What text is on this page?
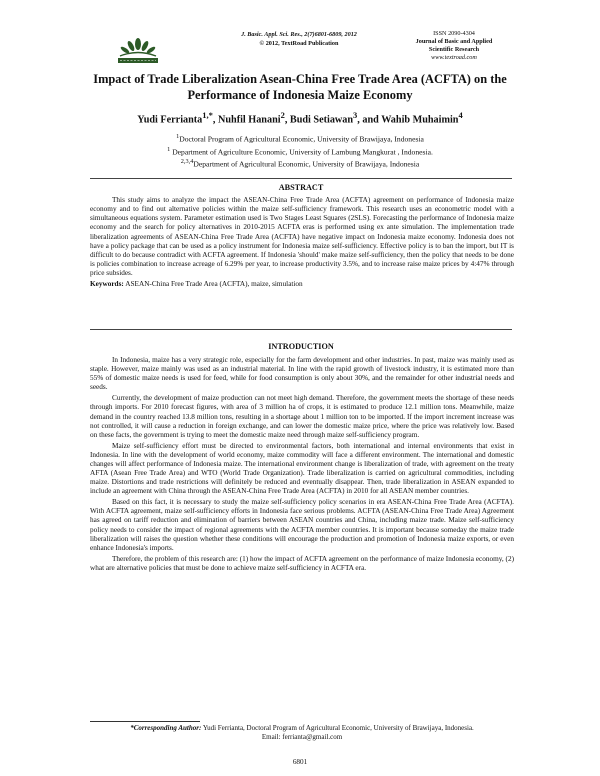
J. Basic. Appl. Sci. Res., 2(7)6801-6809, 2012
© 2012, TextRoad Publication
ISSN 2090-4304
Journal of Basic and Applied
Scientific Research
www.textroad.com
Impact of Trade Liberalization Asean-China Free Trade Area (ACFTA) on the Performance of Indonesia Maize Economy

Yudi Ferrianta$^{1,*}$, Nuhfil Hanani$^2$, Budi Setiawan$^3$, and Wahib Muhaimin$^4$

$^1$Doctoral Program of Agricultural Economic, University of Brawijaya, Indonesia
$^1$ Department of Agriculture Economic, University of Lambung Mangkurat , Indonesia.
$^{2,3,4}$Department of Agricultural Economic, University of Brawijaya, Indonesia
ABSTRACT

This study aims to analyze the impact the ASEAN-China Free Trade Area (ACFTA) agreement on performance of Indonesia maize economy and to find out alternative policies within the maize self-sufficiency framework. This research uses an econometric model with a simultaneous equations system. Parameter estimation used is Two Stages Least Squares (2SLS). Forecasting the performance of Indonesia maize economy and the search for policy alternatives in 2010-2015 ACFTA eras is performed using ex ante simulation. The implementation trade liberalization agreements of ASEAN-China Free Trade Area (ACFTA) have negative impact on Indonesia maize economy. Indonesia does not have a policy package that can be used as a policy instrument for Indonesia maize self-sufficiency. Effective policy is to ban the import, but IT is difficult to do because contradict with ACFTA agreement. If Indonesia 'should' make maize self-sufficiency, then the policy that needs to be done is policies combination to increase acreage of 6.29% per year, to increase productivity 3.5%, and to increase raise maize prices by 4:47% through price subsides.

Keywords: ASEAN-China Free Trade Area (ACFTA), maize, simulation

INTRODUCTION

In Indonesia, maize has a very strategic role, especially for the farm development and other industries. In past, maize was mainly used as staple. However, maize mainly was used as an industrial material. In line with the rapid growth of livestock industry, it is estimated more than 55% of domestic maize needs is used for feed, while for food consumption is only about 30%, and the remainder for other industrial needs and seeds.

Currently, the development of maize production can not meet high demand. Therefore, the government meets the shortage of these needs through imports. For 2010 forecast figures, with area of 3 million ha of crops, it is estimated to produce 12.1 million tons. Meanwhile, maize demand in the country reached 13.8 million tons, resulting in a shortage about 1 million ton to be imported. If the import increment increase was not controlled, it will cause a reduction in foreign exchange, and can lower the domestic maize price, where the price was relatively low. Based on these facts, the government is trying to meet the domestic maize need through maize self-sufficiency program.

Maize self-sufficiency effort must be directed to environmental factors, both international and internal environments that exist in Indonesia. In line with the development of world economy, maize commodity will face a different environment. The international and domestic changes will affect performance of Indonesia maize. The international environment change is liberalization of trade, with agreement on the treaty AFTA (Asean Free Trade Area) and WTO (World Trade Organization). Trade liberalization is carried on agricultural commodities, including maize. Distortions and trade restrictions will definitely be reduced and eventually disappear. Then, trade liberalization in ASEAN expanded to include an agreement with China through the ASEAN-China Free Trade Area (ACFTA) in 2010 for all ASEAN member countries.

Based on this fact, it is necessary to study the maize self-sufficiency policy scenarios in era ASEAN-China Free Trade Area (ACFTA). With ACFTA agreement, maize self-sufficiency efforts in Indonesia face serious problems. ACFTA (ASEAN-China Free Trade Area) Agreement has agreed on tariff reduction and elimination of barriers between ASEAN countries and China, including maize trade. Maize self-sufficiency policy needs to consider the impact of regional agreements with the ACFTA member countries. It is important because someday the maize trade liberalization will raises the question whether these conditions will encourage the production and promotion of Indonesia maize exports, or even enhance Indonesia's imports.

Therefore, the problem of this research are: (1) how the impact of ACFTA agreement on the performance of maize Indonesia economy, (2) what are alternative policies that must be done to achieve maize self-sufficiency in ACFTA era.

*Corresponding Author: Yudi Ferrianta, Doctoral Program of Agricultural Economic, University of Brawijaya, Indonesia.
Email: ferrianta@gmail.com
6801
